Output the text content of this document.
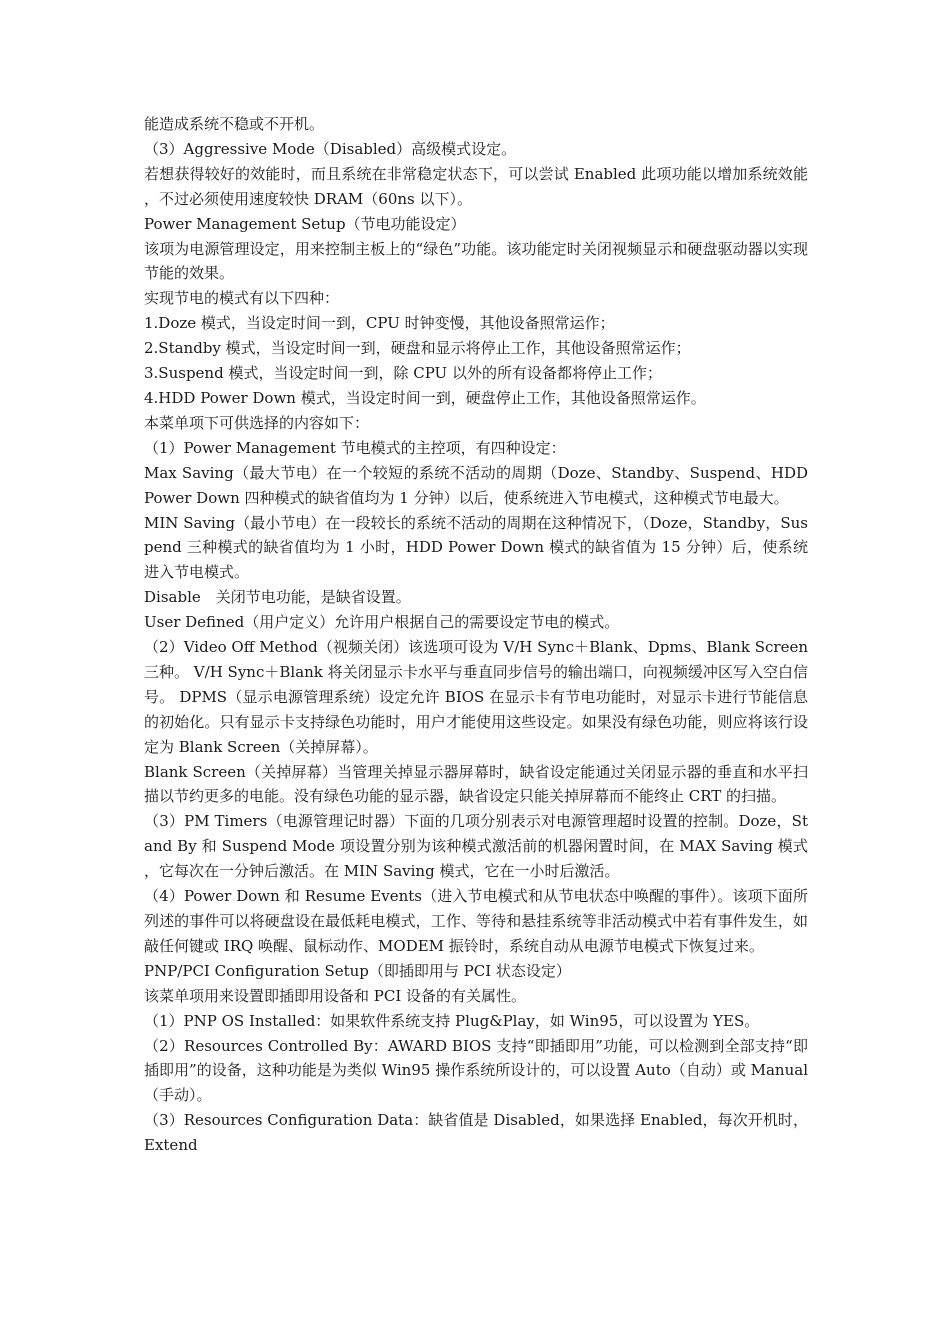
能造成系统不稳或不开机。

（3）Aggressive Mode（Disabled）高级模式设定。

若想获得较好的效能时，而且系统在非常稳定状态下，可以尝试 Enabled 此项功能以增加系统效能，不过必须使用速度较快 DRAM（60ns 以下）。

Power Management Setup（节电功能设定）

该项为电源管理设定，用来控制主板上的“绿色”功能。该功能定时关闭视频显示和硬盘驱动器以实现节能的效果。

实现节电的模式有以下四种：

1.Doze 模式，当设定时间一到，CPU 时钟变慢，其他设备照常运作；

2.Standby 模式，当设定时间一到，硬盘和显示将停止工作，其他设备照常运作；

3.Suspend 模式，当设定时间一到，除 CPU 以外的所有设备都将停止工作；

4.HDD Power Down 模式，当设定时间一到，硬盘停止工作，其他设备照常运作。

本菜单项下可供选择的内容如下：

（1）Power Management 节电模式的主控项，有四种设定：

Max Saving（最大节电）在一个较短的系统不活动的周期（Doze、Standby、Suspend、HDD Power Down 四种模式的缺省值均为 1 分钟）以后，使系统进入节电模式，这种模式节电最大。

MIN Saving（最小节电）在一段较长的系统不活动的周期在这种情况下，（Doze，Standby，Suspend 三种模式的缺省值均为 1 小时，HDD Power Down 模式的缺省值为 15 分钟）后，使系统进入节电模式。

Disable　关闭节电功能，是缺省设置。

User Defined（用户定义）允许用户根据自己的需要设定节电的模式。

（2）Video Off Method（视频关闭）该选项可设为 V/H Sync＋Blank、Dpms、Blank Screen 三种。 V/H Sync＋Blank 将关闭显示卡水平与垂直同步信号的输出端口，向视频缓冲区写入空白信号。 DPMS（显示电源管理系统）设定允许 BIOS 在显示卡有节电功能时，对显示卡进行节能信息的初始化。只有显示卡支持绿色功能时，用户才能使用这些设定。如果没有绿色功能，则应将该行设定为 Blank Screen（关掉屏幕）。

Blank Screen（关掉屏幕）当管理关掉显示器屏幕时，缺省设定能通过关闭显示器的垂直和水平扫描以节约更多的电能。没有绿色功能的显示器，缺省设定只能关掉屏幕而不能终止 CRT 的扫描。

（3）PM Timers（电源管理记时器）下面的几项分别表示对电源管理超时设置的控制。Doze，Stand By 和 Suspend Mode 项设置分别为该种模式激活前的机器闲置时间，在 MAX Saving 模式，它每次在一分钟后激活。在 MIN Saving 模式，它在一小时后激活。

（4）Power Down 和 Resume Events（进入节电模式和从节电状态中唤醒的事件）。该项下面所列述的事件可以将硬盘设在最低耗电模式，工作、等待和悬挂系统等非活动模式中若有事件发生，如敲任何键或 IRQ 唤醒、鼠标动作、MODEM 振铃时，系统自动从电源节电模式下恢复过来。

PNP/PCI Configuration Setup（即插即用与 PCI 状态设定）

该菜单项用来设置即插即用设备和 PCI 设备的有关属性。

（1）PNP OS Installed：如果软件系统支持 Plug&Play，如 Win95，可以设置为 YES。

（2）Resources Controlled By：AWARD BIOS 支持“即插即用”功能，可以检测到全部支持“即插即用”的设备，这种功能是为类似 Win95 操作系统所设计的，可以设置 Auto（自动）或 Manual（手动）。

（3）Resources Configuration Data：缺省值是 Disabled，如果选择 Enabled，每次开机时，Extend
